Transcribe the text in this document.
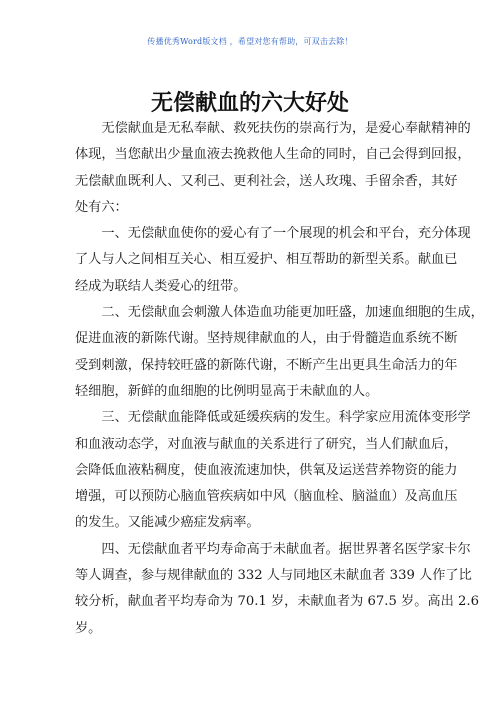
传播优秀Word版文档 ，希望对您有帮助，可双击去除！
无偿献血的六大好处

无偿献血是无私奉献、救死扶伤的崇高行为，是爱心奉献精神的
体现，当您献出少量血液去挽救他人生命的同时，自己会得到回报，
无偿献血既利人、又利己、更利社会，送人玫瑰、手留余香，其好
处有六：

一、无偿献血使你的爱心有了一个展现的机会和平台，充分体现
了人与人之间相互关心、相互爱护、相互帮助的新型关系。献血已
经成为联结人类爱心的纽带。

二、无偿献血会刺激人体造血功能更加旺盛，加速血细胞的生成，
促进血液的新陈代谢。坚持规律献血的人，由于骨髓造血系统不断
受到刺激，保持较旺盛的新陈代谢，不断产生出更具生命活力的年
轻细胞，新鲜的血细胞的比例明显高于未献血的人。

三、无偿献血能降低或延缓疾病的发生。科学家应用流体变形学
和血液动态学，对血液与献血的关系进行了研究，当人们献血后，
会降低血液粘稠度，使血液流速加快，供氧及运送营养物资的能力
增强，可以预防心脑血管疾病如中风（脑血栓、脑溢血）及高血压
的发生。又能减少癌症发病率。

四、无偿献血者平均寿命高于未献血者。据世界著名医学家卡尔
等人调查，参与规律献血的 332 人与同地区未献血者 339 人作了比
较分析，献血者平均寿命为 70.1 岁，未献血者为 67.5 岁。高出 2.6
岁。
